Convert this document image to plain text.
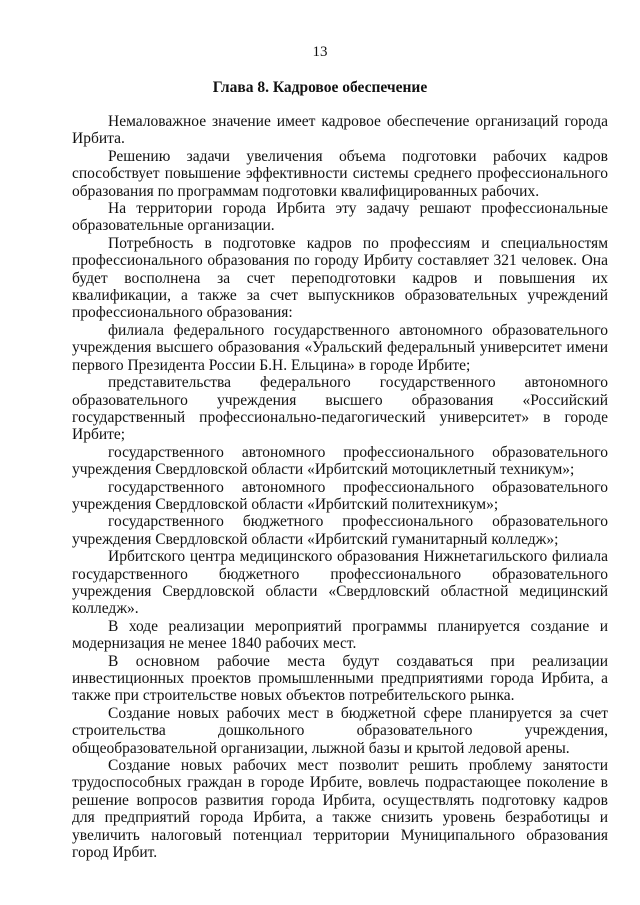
13
Глава 8. Кадровое обеспечение

Немаловажное значение имеет кадровое обеспечение организаций города Ирбита.

Решению задачи увеличения объема подготовки рабочих кадров способствует повышение эффективности системы среднего профессионального образования по программам подготовки квалифицированных рабочих.

На территории города Ирбита эту задачу решают профессиональные образовательные организации.

Потребность в подготовке кадров по профессиям и специальностям профессионального образования по городу Ирбиту составляет 321 человек. Она будет восполнена за счет переподготовки кадров и повышения их квалификации, а также за счет выпускников образовательных учреждений профессионального образования:

филиала федерального государственного автономного образовательного учреждения высшего образования «Уральский федеральный университет имени первого Президента России Б.Н. Ельцина» в городе Ирбите;

представительства федерального государственного автономного образовательного учреждения высшего образования «Российский государственный профессионально-педагогический университет» в городе Ирбите;

государственного автономного профессионального образовательного учреждения Свердловской области «Ирбитский мотоциклетный техникум»;

государственного автономного профессионального образовательного учреждения Свердловской области «Ирбитский политехникум»;

государственного бюджетного профессионального образовательного учреждения Свердловской области «Ирбитский гуманитарный колледж»;

Ирбитского центра медицинского образования Нижнетагильского филиала государственного бюджетного профессионального образовательного учреждения Свердловской области «Свердловский областной медицинский колледж».

В ходе реализации мероприятий программы планируется создание и модернизация не менее 1840 рабочих мест.

В основном рабочие места будут создаваться при реализации инвестиционных проектов промышленными предприятиями города Ирбита, а также при строительстве новых объектов потребительского рынка.

Создание новых рабочих мест в бюджетной сфере планируется за счет строительства дошкольного образовательного учреждения, общеобразовательной организации, лыжной базы и крытой ледовой арены.

Создание новых рабочих мест позволит решить проблему занятости трудоспособных граждан в городе Ирбите, вовлечь подрастающее поколение в решение вопросов развития города Ирбита, осуществлять подготовку кадров для предприятий города Ирбита, а также снизить уровень безработицы и увеличить налоговый потенциал территории Муниципального образования город Ирбит.
